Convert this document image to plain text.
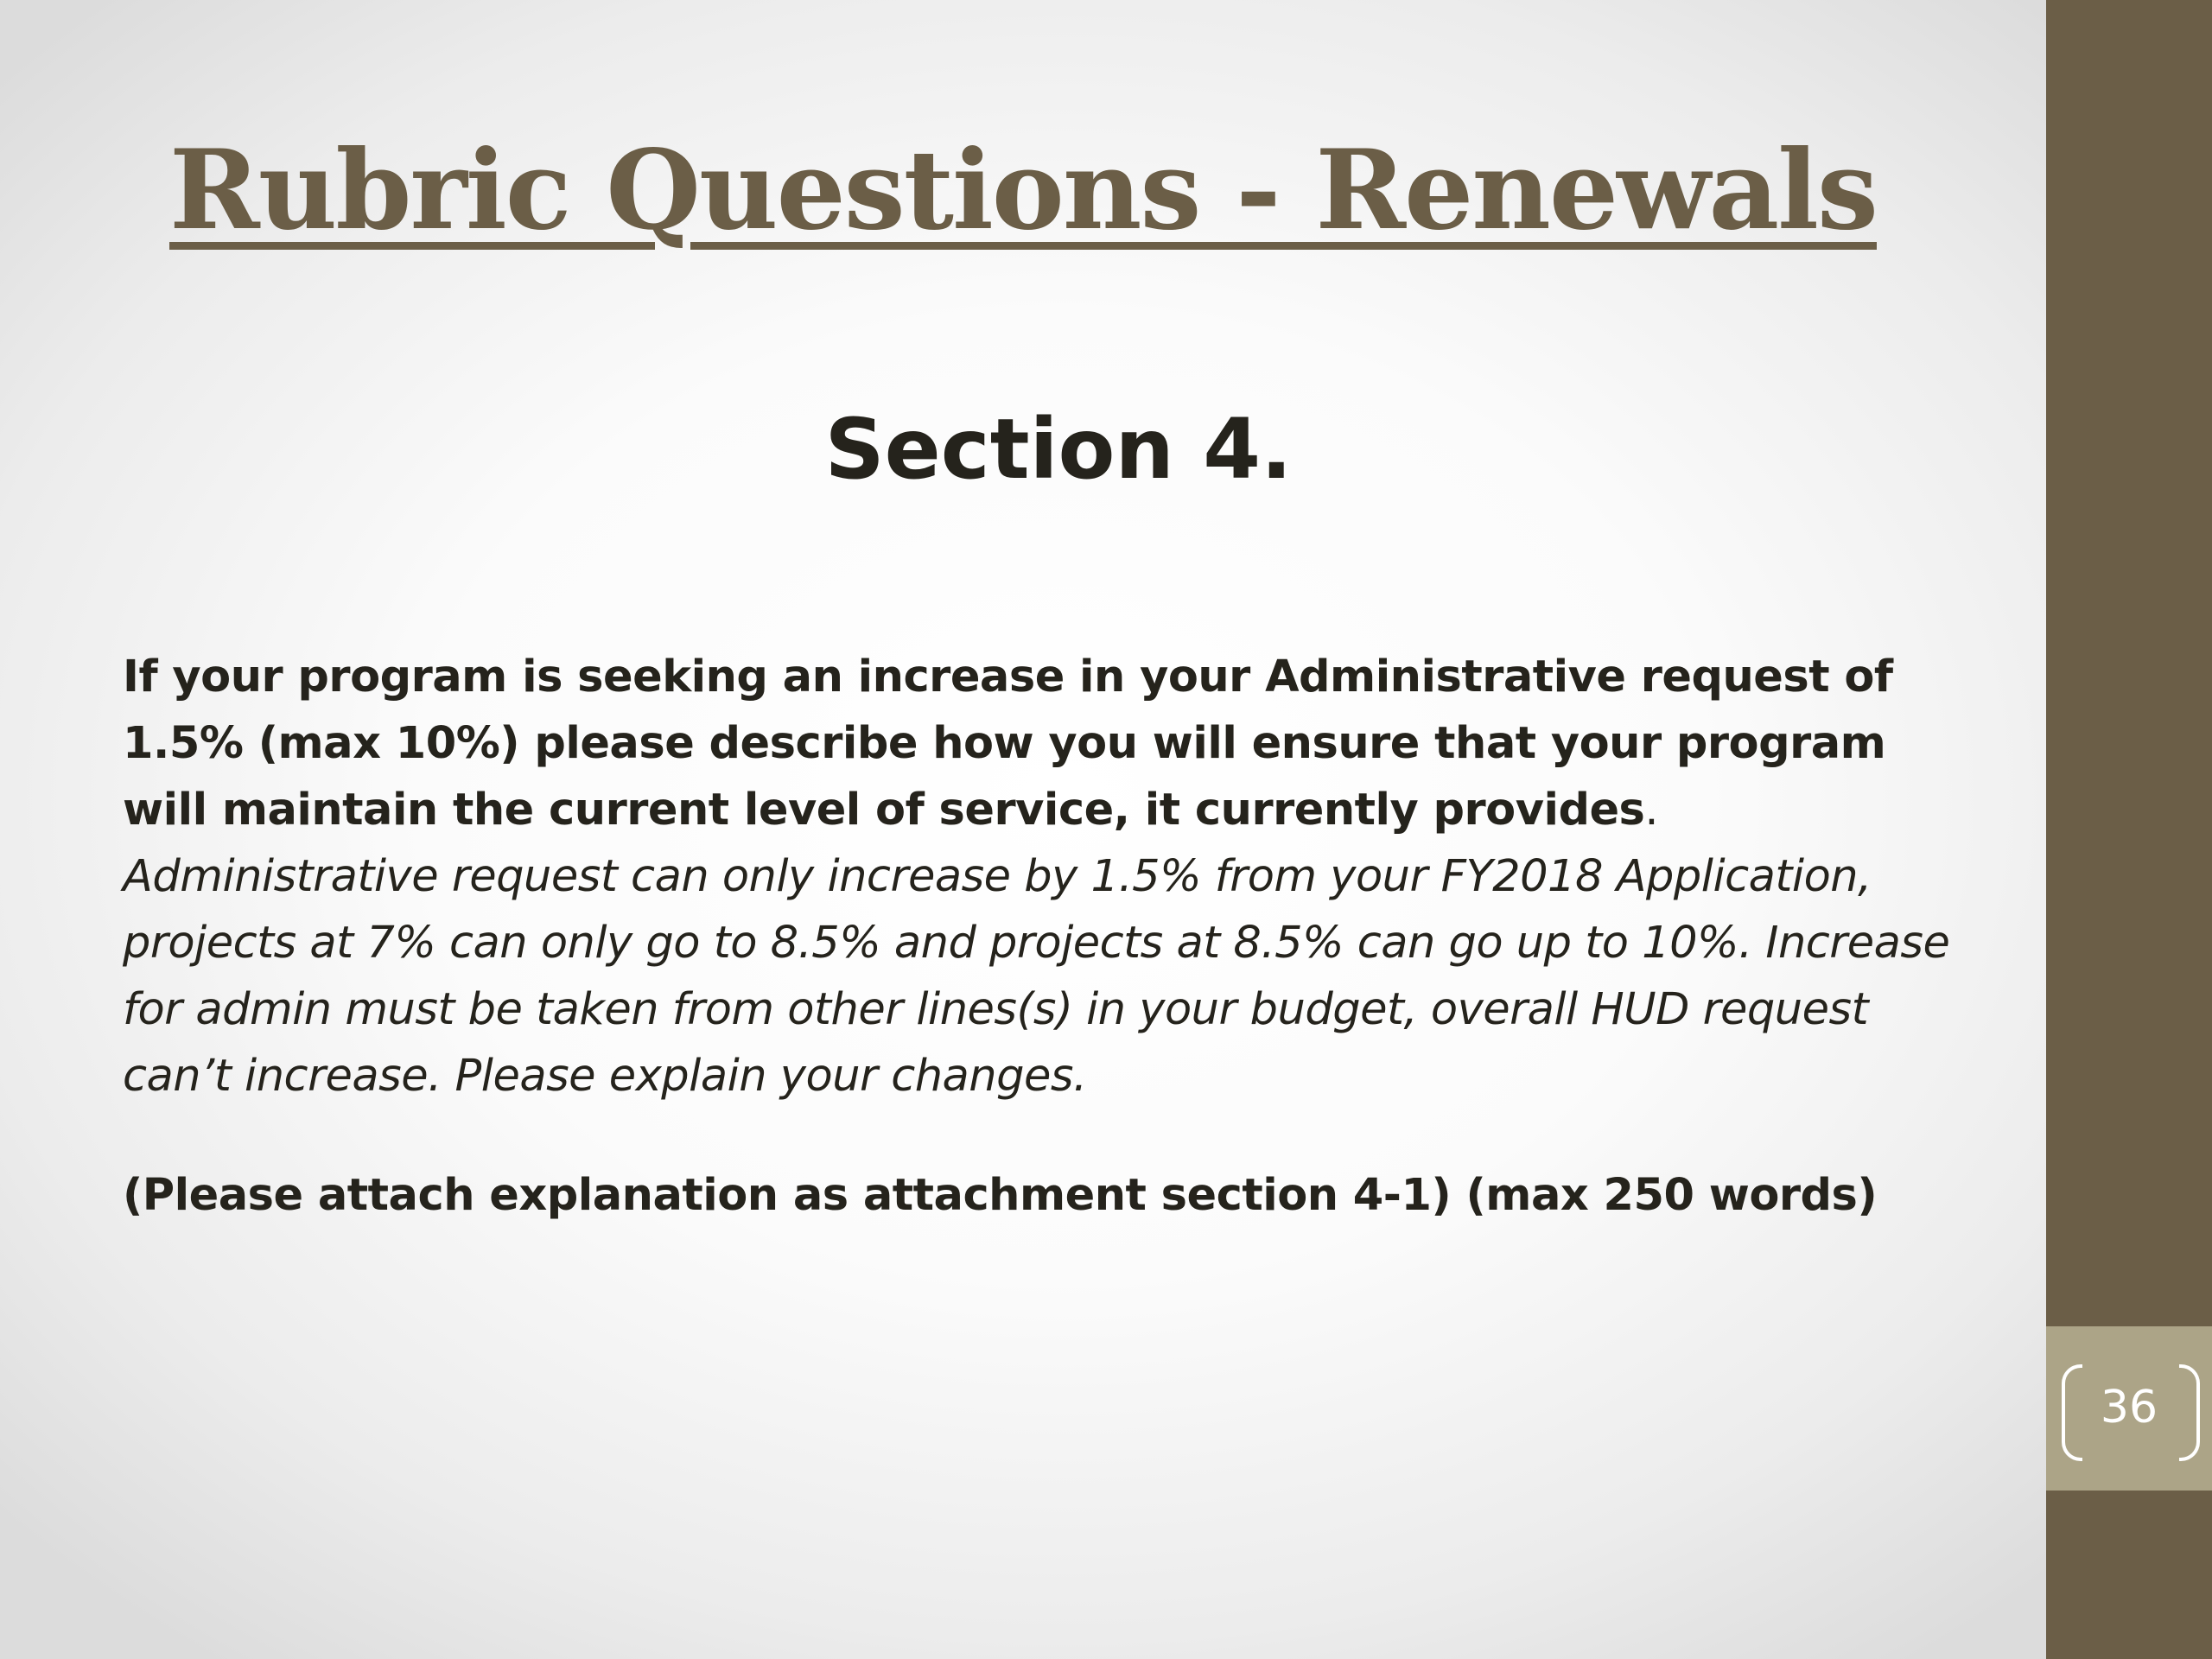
Rubric Questions - Renewals
Section 4.

If your program is seeking an increase in your Administrative request of 1.5% (max 10%) please describe how you will ensure that your program will maintain the current level of service, it currently provides. Administrative request can only increase by 1.5% from your FY2018 Application, projects at 7% can only go to 8.5% and projects at 8.5% can go up to 10%. Increase for admin must be taken from other lines(s) in your budget, overall HUD request can’t increase. Please explain your changes.

(Please attach explanation as attachment section 4-1) (max 250 words)

36
